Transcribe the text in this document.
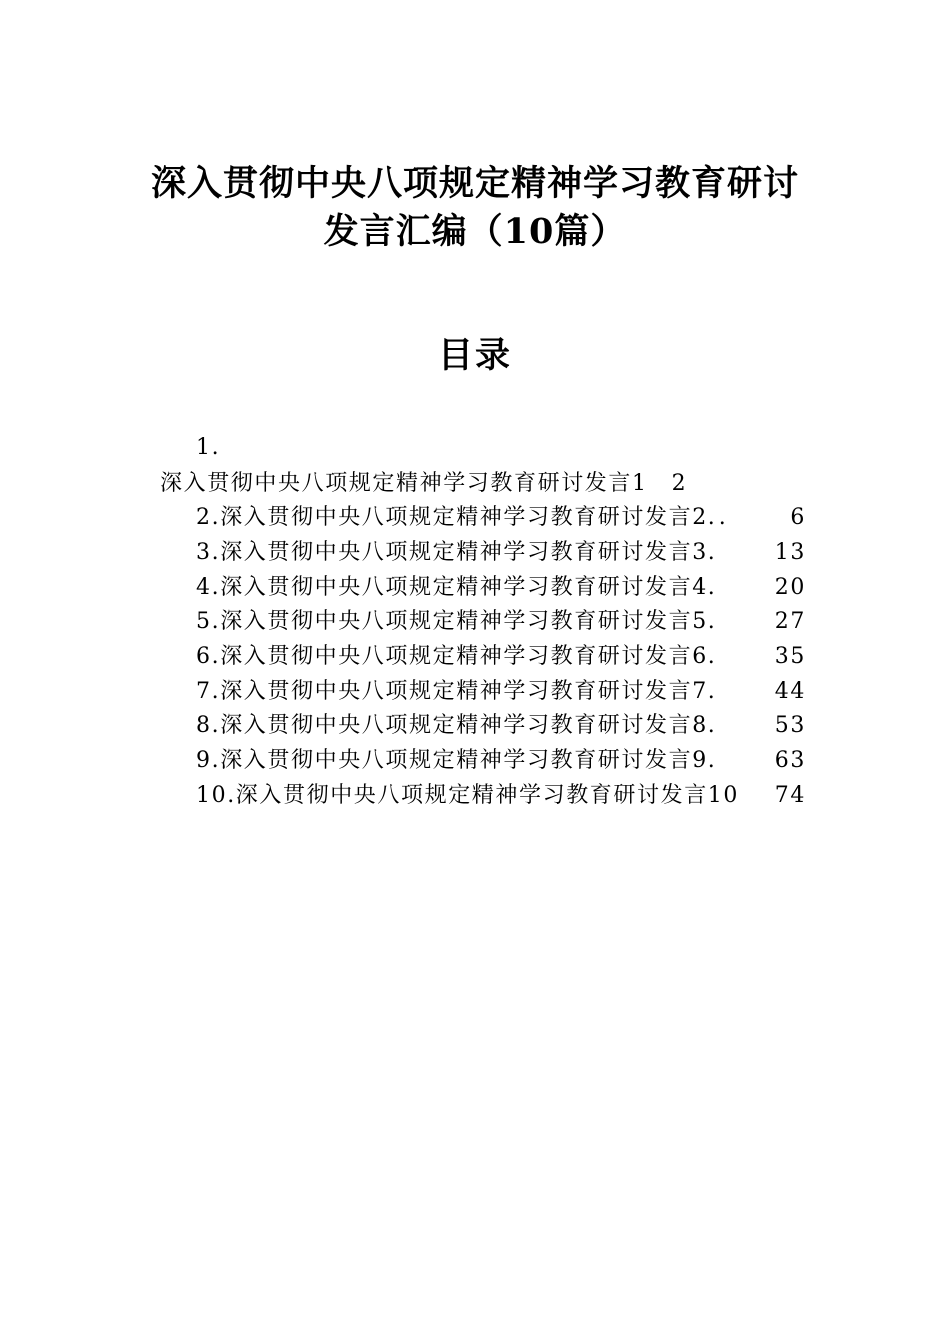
深入贯彻中央八项规定精神学习教育研讨
发言汇编（10篇）
目录
1.
深入贯彻中央八项规定精神学习教育研讨发言1 2
2.深入贯彻中央八项规定精神学习教育研讨发言2 ..	6
3.深入贯彻中央八项规定精神学习教育研讨发言3 .	13
4.深入贯彻中央八项规定精神学习教育研讨发言4 .	20
5.深入贯彻中央八项规定精神学习教育研讨发言5 .	27
6.深入贯彻中央八项规定精神学习教育研讨发言6 .	35
7.深入贯彻中央八项规定精神学习教育研讨发言7 .	44
8.深入贯彻中央八项规定精神学习教育研讨发言8 .	53
9.深入贯彻中央八项规定精神学习教育研讨发言9 .	63
10.深入贯彻中央八项规定精神学习教育研讨发言10 74
